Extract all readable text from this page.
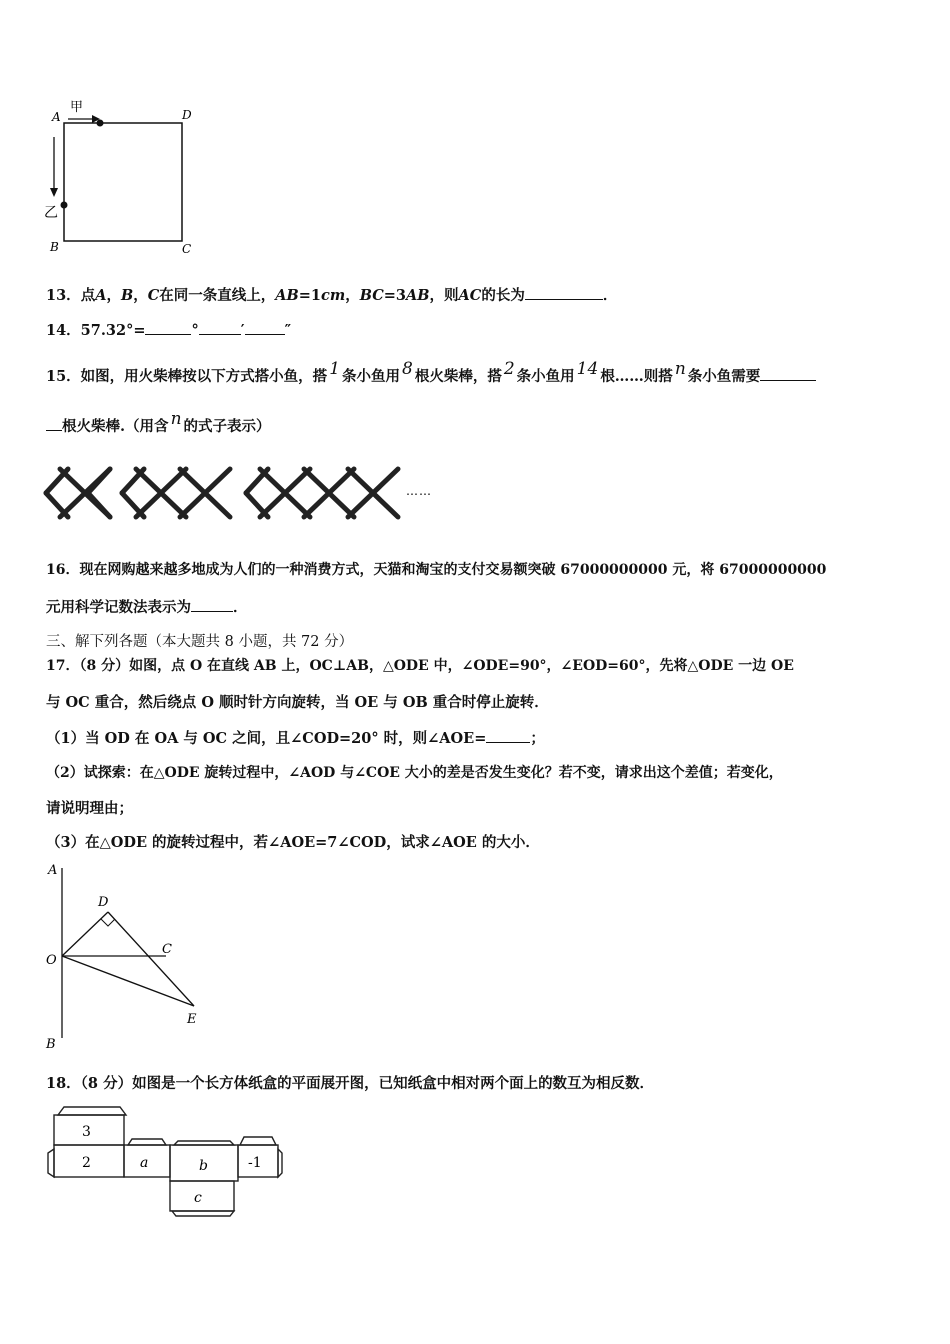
甲
乙
A	D
B	C
13．点A，B，C在同一条直线上，AB=1cm，BC=3AB，则AC的长为	．
14．57.32°=	°	′	″
15．如图，用火柴棒按以下方式搭小鱼，搭 1 条小鱼用 8 根火柴棒，搭 2 条小鱼用 14 根……则搭 n 条小鱼需要
根火柴棒.（用含 n 的式子表示）
……
16．现在网购越来越多地成为人们的一种消费方式，天猫和淘宝的支付交易额突破 67000000000 元，将 67000000000
元用科学记数法表示为	．
三、解下列各题（本大题共 8 小题，共 72 分）
17．（8 分）如图，点 O 在直线 AB 上，OC⊥AB，△ODE 中，∠ODE=90°，∠EOD=60°，先将△ODE 一边 OE
与 OC 重合，然后绕点 O 顺时针方向旋转，当 OE 与 OB 重合时停止旋转．
（1）当 OD 在 OA 与 OC 之间，且∠COD=20° 时，则∠AOE=	；
（2）试探索：在△ODE 旋转过程中，∠AOD 与∠COE 大小的差是否发生变化？若不变，请求出这个差值；若变化，
请说明理由；
（3）在△ODE 的旋转过程中，若∠AOE=7∠COD，试求∠AOE 的大小．
A
B
O
D
C
E
18．（8 分）如图是一个长方体纸盒的平面展开图，已知纸盒中相对两个面上的数互为相反数．
3
2	a	b	-1
c
